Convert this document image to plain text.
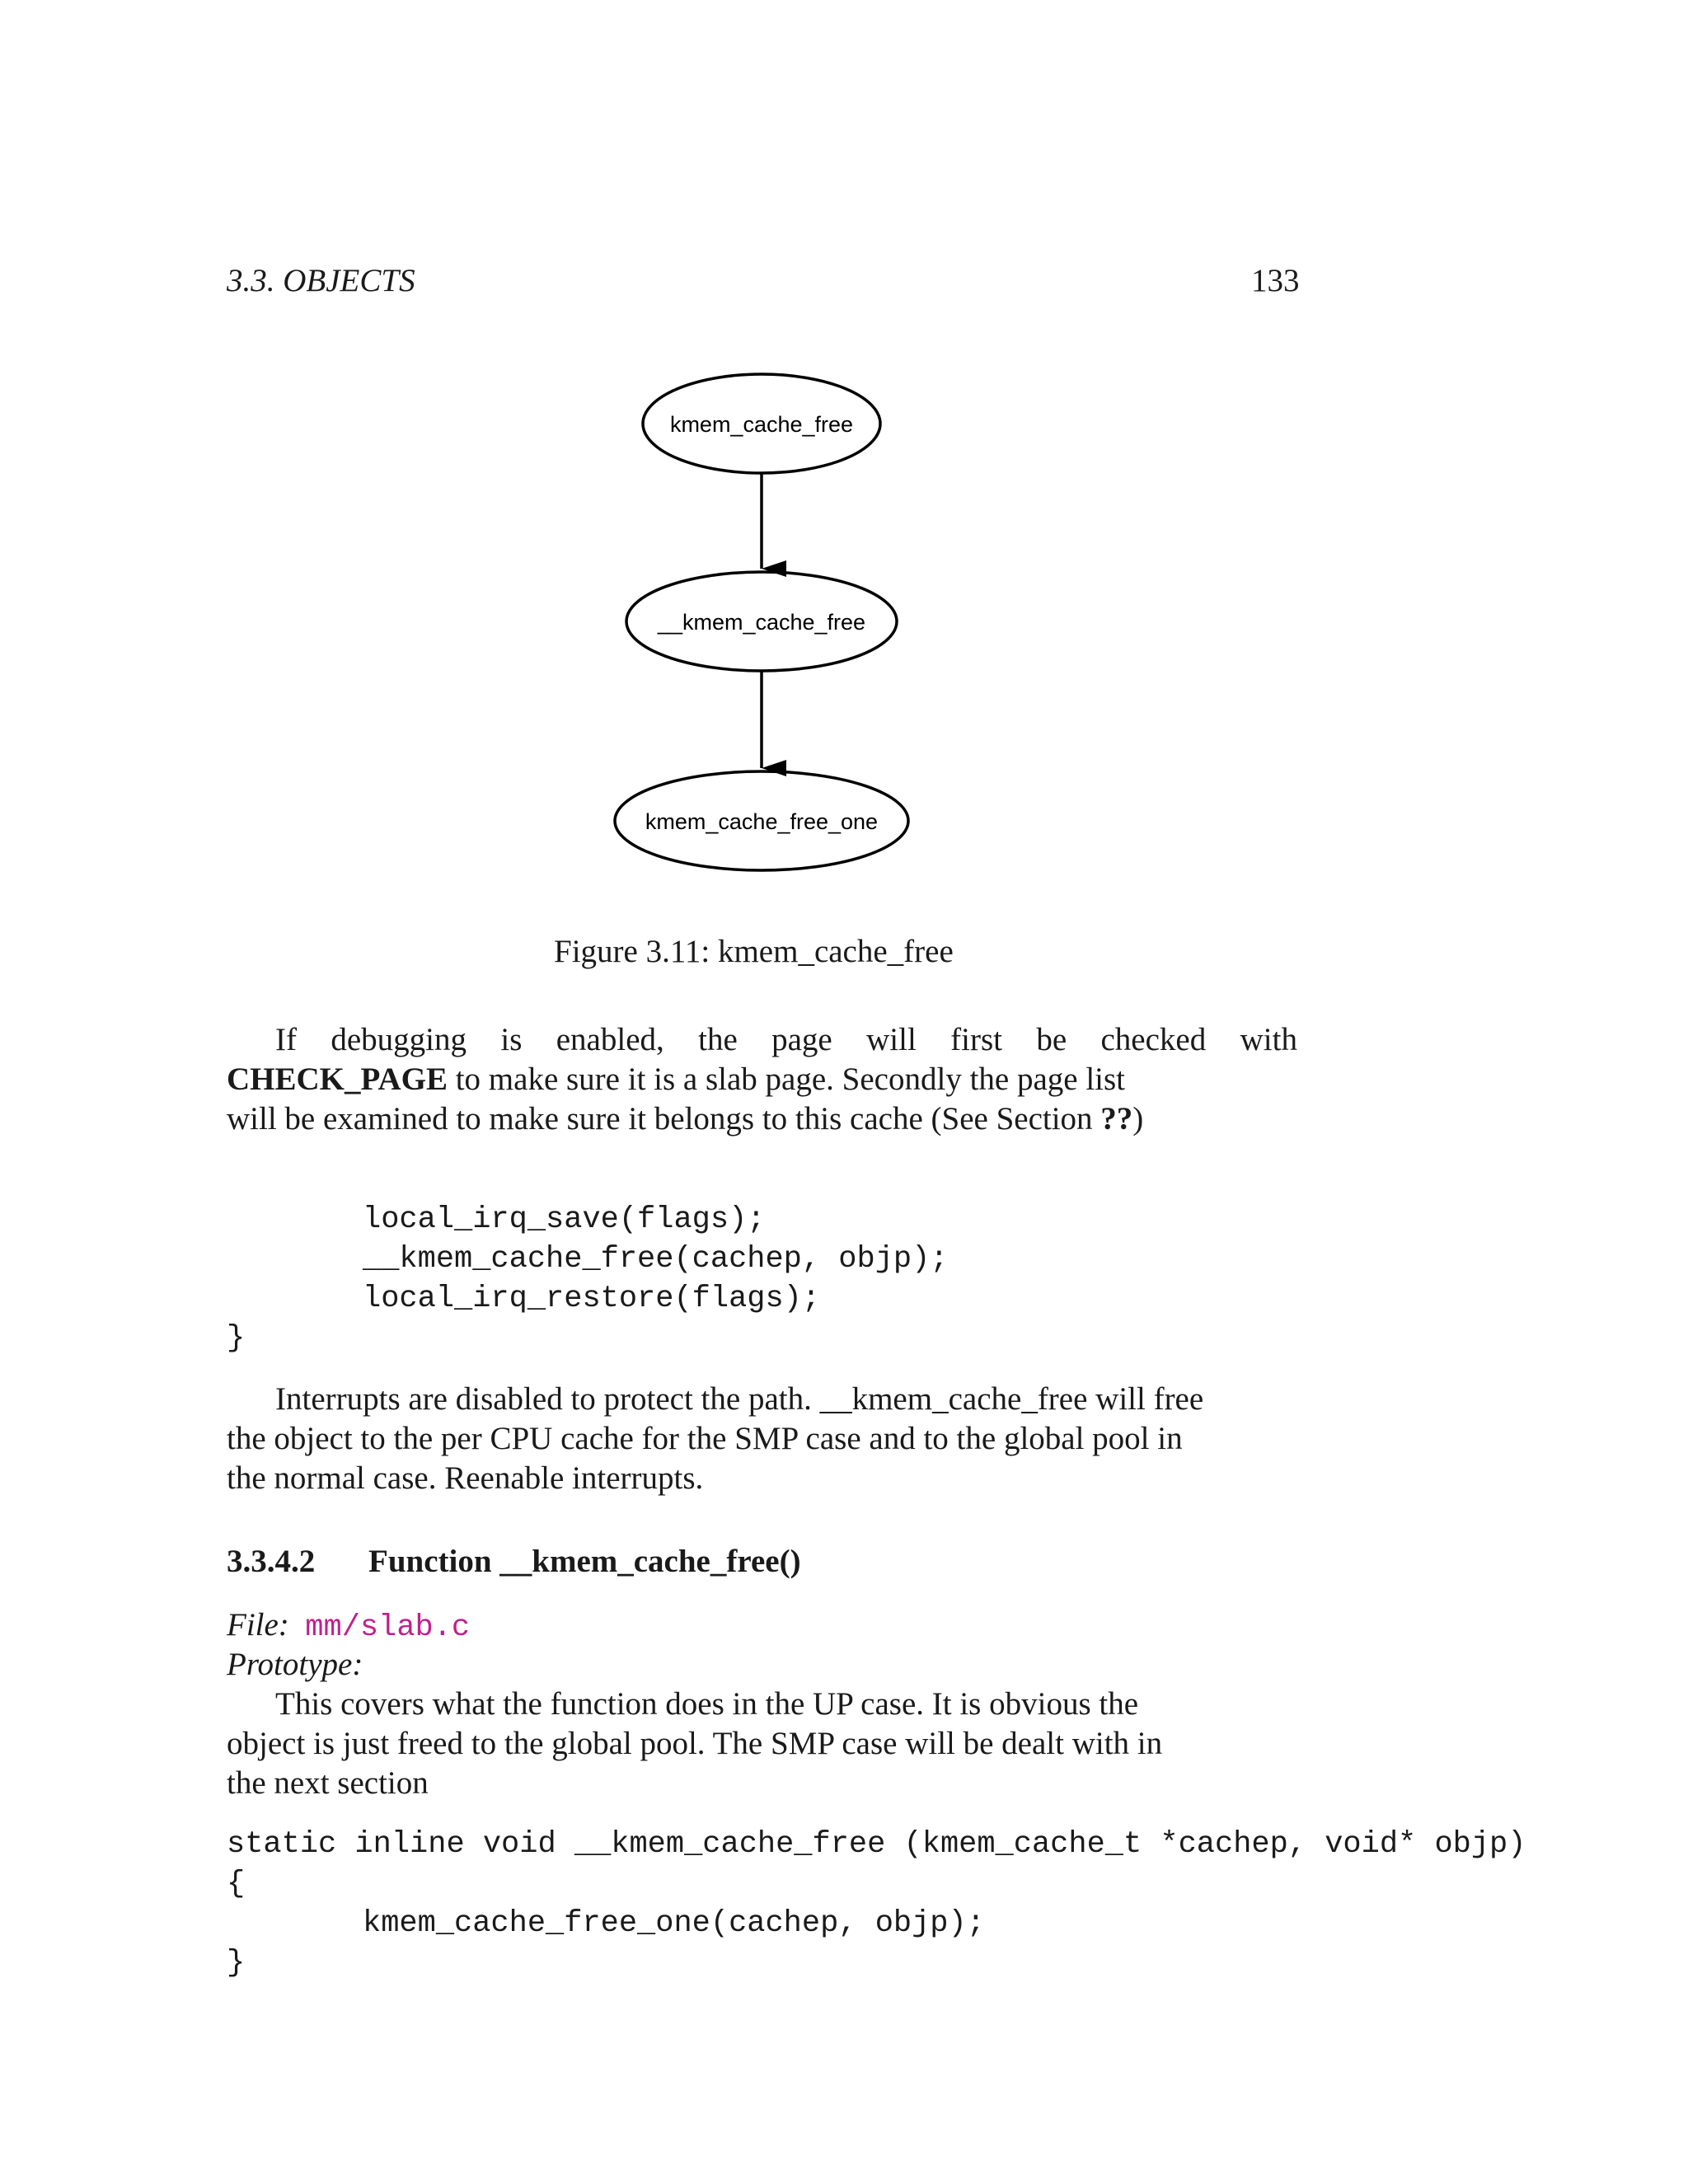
3.3. OBJECTS	133
kmem_cache_free
__kmem_cache_free
kmem_cache_free_one
Figure 3.11: kmem_cache_free
If debugging is enabled, the page will first be checked with
CHECK_PAGE to make sure it is a slab page. Secondly the page list
will be examined to make sure it belongs to this cache (See Section ??)
local_irq_save(flags);
__kmem_cache_free(cachep, objp);
local_irq_restore(flags);
}
Interrupts are disabled to protect the path. __kmem_cache_free will free
the object to the per CPU cache for the SMP case and to the global pool in
the normal case. Reenable interrupts.
3.3.4.2 Function __kmem_cache_free()
File: mm/slab.c
Prototype:
This covers what the function does in the UP case. It is obvious the
object is just freed to the global pool. The SMP case will be dealt with in
the next section
static inline void __kmem_cache_free (kmem_cache_t *cachep, void* objp)
{
kmem_cache_free_one(cachep, objp);
}
